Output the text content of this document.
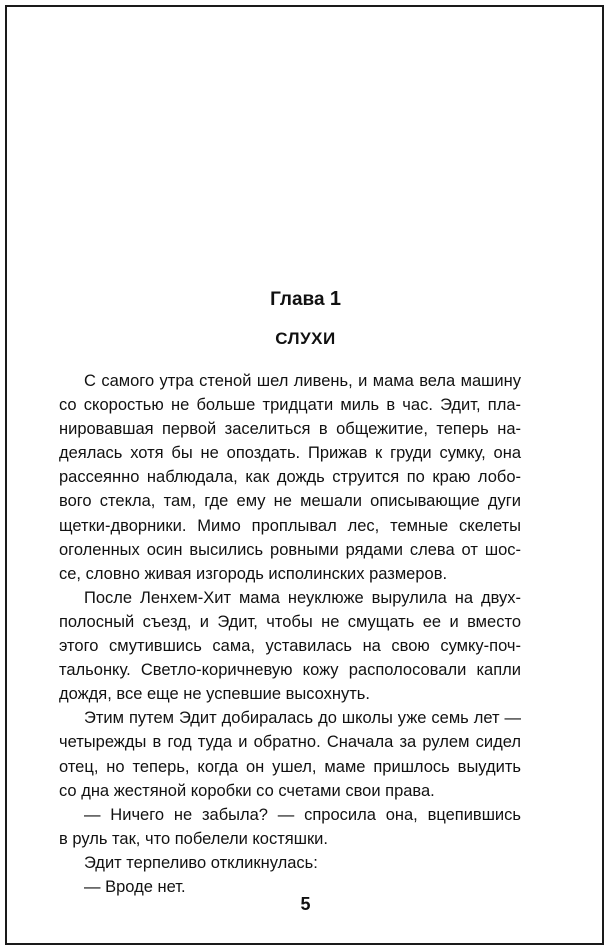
Глава 1
СЛУХИ
С самого утра стеной шел ливень, и мама вела машину
со скоростью не больше тридцати миль в час. Эдит, пла-
нировавшая первой заселиться в общежитие, теперь на-
деялась хотя бы не опоздать. Прижав к груди сумку, она
рассеянно наблюдала, как дождь струится по краю лобо-
вого стекла, там, где ему не мешали описывающие дуги
щетки-дворники. Мимо проплывал лес, темные скелеты
оголенных осин высились ровными рядами слева от шос-
се, словно живая изгородь исполинских размеров.
После Ленхем-Хит мама неуклюже вырулила на двух-
полосный съезд, и Эдит, чтобы не смущать ее и вместо
этого смутившись сама, уставилась на свою сумку-поч-
тальонку. Светло-коричневую кожу располосовали капли
дождя, все еще не успевшие высохнуть.
Этим путем Эдит добиралась до школы уже семь лет —
четырежды в год туда и обратно. Сначала за рулем сидел
отец, но теперь, когда он ушел, маме пришлось выудить
со дна жестяной коробки со счетами свои права.
— Ничего не забыла? — спросила она, вцепившись
в руль так, что побелели костяшки.
Эдит терпеливо откликнулась:
— Вроде нет.
5
